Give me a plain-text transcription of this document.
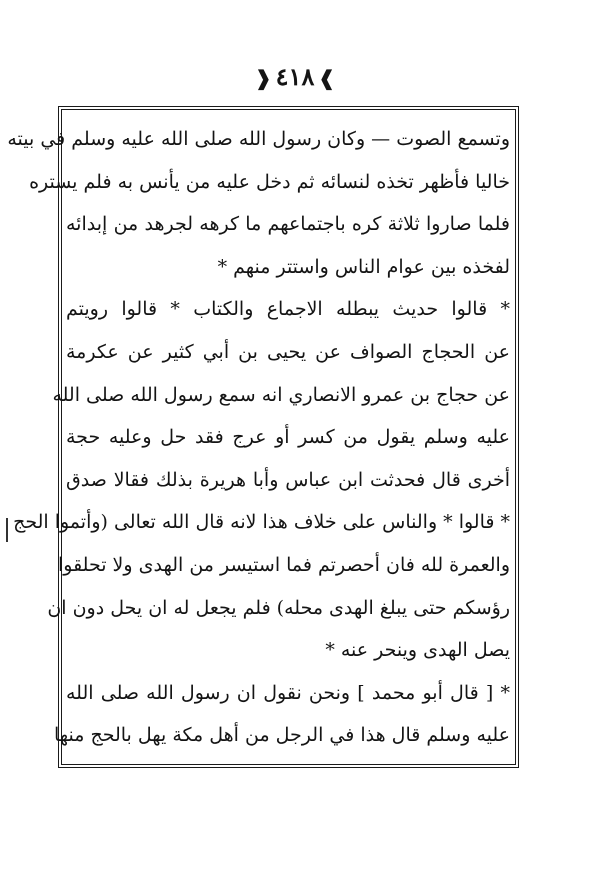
❱٤١٨❰
وتسمع الصوت — وكان رسول الله صلى الله عليه وسلم في بيته
خاليا فأظهر تخذه لنسائه ثم دخل عليه من يأنس به فلم يستره
فلما صاروا ثلاثة كره باجتماعهم ما كرهه لجرهد من إبدائه
لفخذه بين عوام الناس واستتر منهم *
* قالوا حديث يبطله الاجماع والكتاب * قالوا رويتم
عن الحجاج الصواف عن يحيى بن أبي كثير عن عكرمة
عن حجاج بن عمرو الانصاري انه سمع رسول الله صلى الله
عليه وسلم يقول من كسر أو عرج فقد حل وعليه حجة
أخرى قال فحدثت ابن عباس وأبا هريرة بذلك فقالا صدق
* قالوا * والناس على خلاف هذا لانه قال الله تعالى (وأتموا الحج
والعمرة لله فان أحصرتم فما استيسر من الهدى ولا تحلقوا
رؤسكم حتى يبلغ الهدى محله) فلم يجعل له ان يحل دون ان
يصل الهدى وينحر عنه *
* [ قال أبو محمد ] ونحن نقول ان رسول الله صلى الله
عليه وسلم قال هذا في الرجل من أهل مكة يهل بالحج منها
